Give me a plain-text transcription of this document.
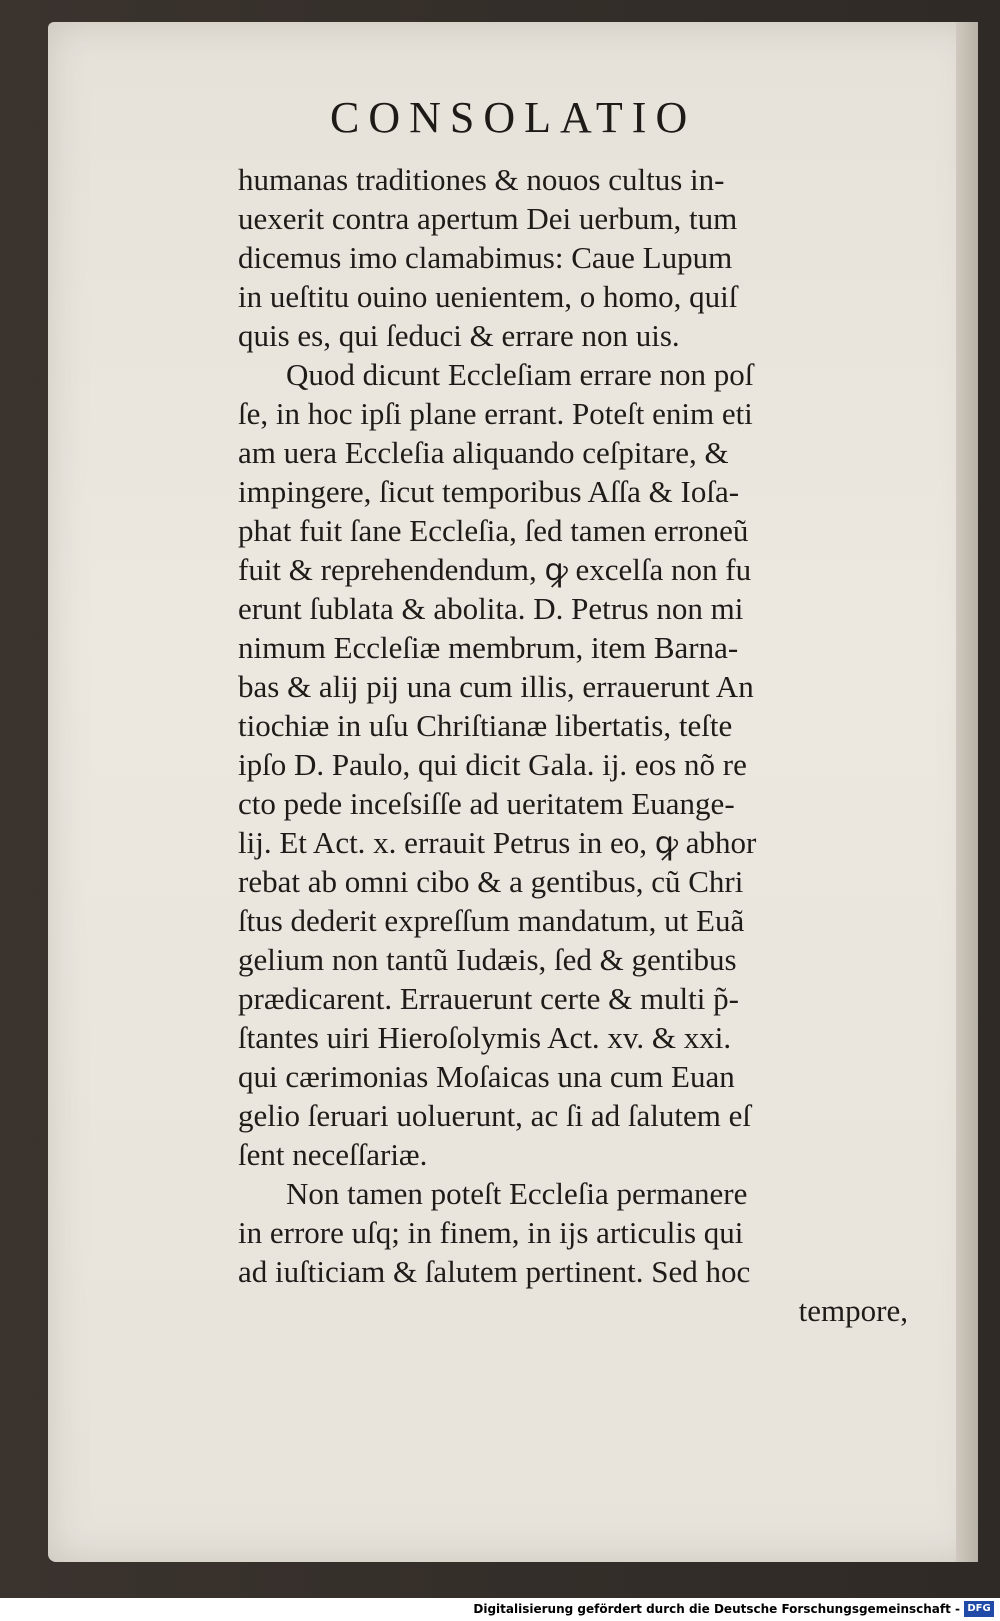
CONSOLATIO
humanas traditiones & nouos cultus in-
uexerit contra apertum Dei uerbum, tum
dicemus imo clamabimus: Caue Lupum
in ueſtitu ouino uenientem, o homo, quiſ
quis es, qui ſeduci & errare non uis.
Quod dicunt Eccleſiam errare non poſ
ſe, in hoc ipſi plane errant. Poteſt enim eti
am uera Eccleſia aliquando ceſpitare, &
impingere, ſicut temporibus Aſſa & Ioſa-
phat fuit ſane Eccleſia, ſed tamen erroneũ
fuit & reprehendendum, ꝙ excelſa non fu
erunt ſublata & abolita. D. Petrus non mi
nimum Eccleſiæ membrum, item Barna-
bas & alij pij una cum illis, errauerunt An
tiochiæ in uſu Chriſtianæ libertatis, teſte
ipſo D. Paulo, qui dicit Gala. ij. eos nõ re
cto pede inceſsiſſe ad ueritatem Euange-
lij. Et Act. x. errauit Petrus in eo, ꝙ abhor
rebat ab omni cibo & a gentibus, cũ Chri
ſtus dederit expreſſum mandatum, ut Euã
gelium non tantũ Iudæis, ſed & gentibus
prædicarent. Errauerunt certe & multi p̃-
ſtantes uiri Hieroſolymis Act. xv. & xxi.
qui cærimonias Moſaicas una cum Euan
gelio ſeruari uoluerunt, ac ſi ad ſalutem eſ
ſent neceſſariæ.
Non tamen poteſt Eccleſia permanere
in errore uſq; in finem, in ijs articulis qui
ad iuſticiam & ſalutem pertinent. Sed hoc
tempore,
Digitalisierung gefördert durch die Deutsche Forschungsgemeinschaft - DFG
